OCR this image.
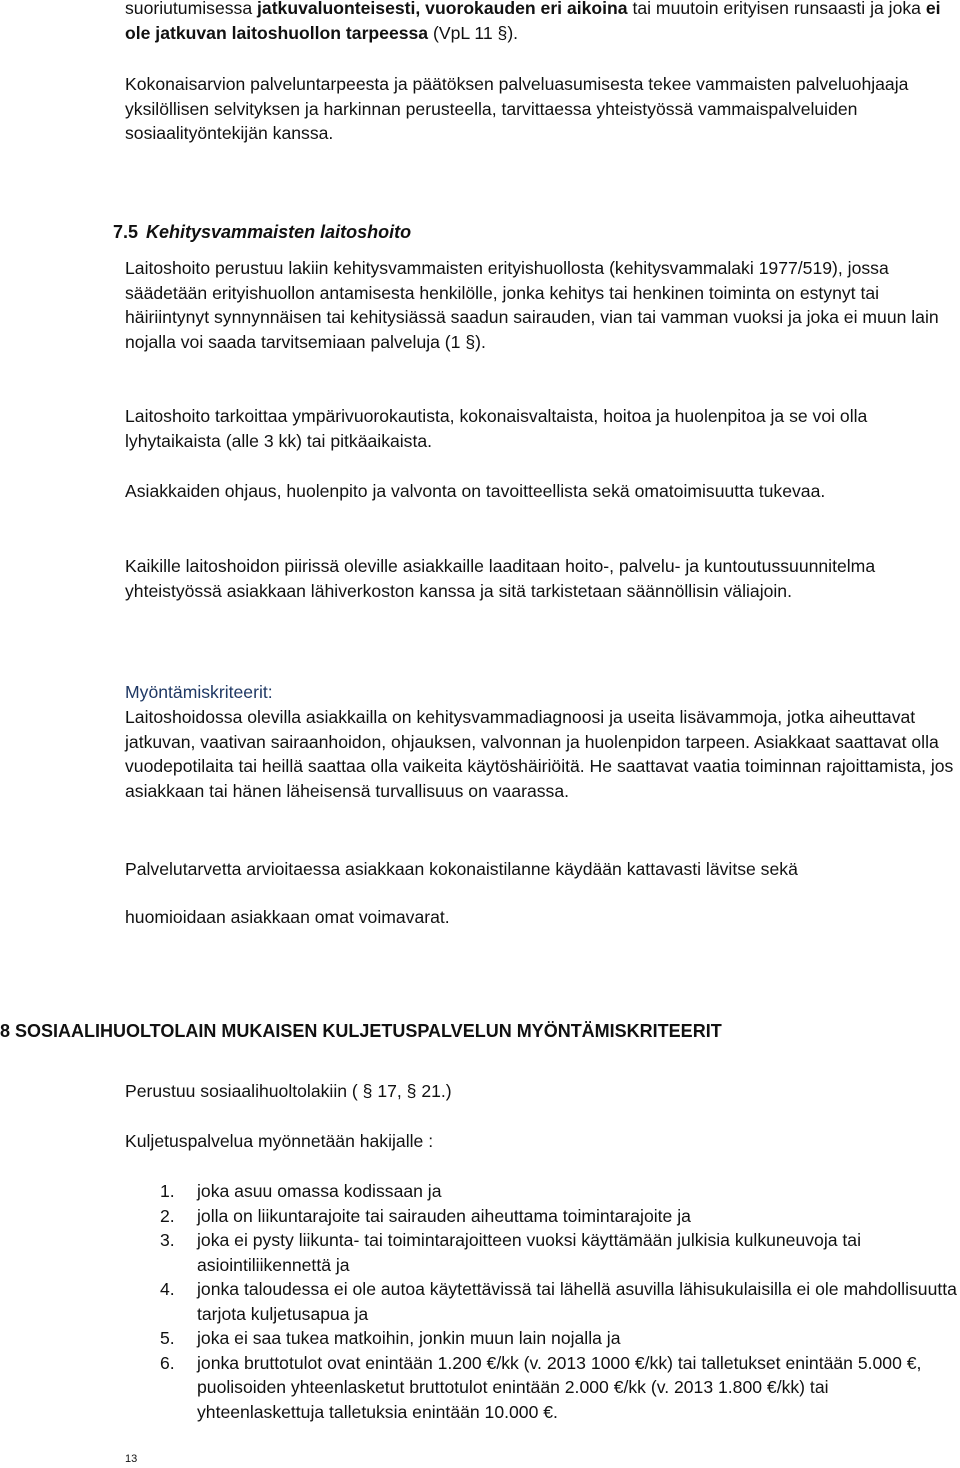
suoriutumisessa jatkuvaluonteisesti, vuorokauden eri aikoina tai muutoin erityisen runsaasti ja joka ei ole jatkuvan laitoshuollon tarpeessa (VpL 11 §).

Kokonaisarvion palveluntarpeesta ja päätöksen palveluasumisesta tekee vammaisten palveluohjaaja yksilöllisen selvityksen ja harkinnan perusteella, tarvittaessa yhteistyössä vammaispalveluiden sosiaalityöntekijän kanssa.

7.5 Kehitysvammaisten laitoshoito

Laitoshoito perustuu lakiin kehitysvammaisten erityishuollosta (kehitysvammalaki 1977/519), jossa säädetään erityishuollon antamisesta henkilölle, jonka kehitys tai henkinen toiminta on estynyt tai häiriintynyt synnynnäisen tai kehitysiässä saadun sairauden, vian tai vamman vuoksi ja joka ei muun lain nojalla voi saada tarvitsemiaan palveluja (1 §).

Laitoshoito tarkoittaa ympärivuorokautista, kokonaisvaltaista, hoitoa ja huolenpitoa ja se voi olla lyhytaikaista (alle 3 kk) tai pitkäaikaista.

Asiakkaiden ohjaus, huolenpito ja valvonta on tavoitteellista sekä omatoimisuutta tukevaa.

Kaikille laitoshoidon piirissä oleville asiakkaille laaditaan hoito-, palvelu- ja kuntoutussuunnitelma yhteistyössä asiakkaan lähiverkoston kanssa ja sitä tarkistetaan säännöllisin väliajoin.

Myöntämiskriteerit:

Laitoshoidossa olevilla asiakkailla on kehitysvammadiagnoosi ja useita lisävammoja, jotka aiheuttavat jatkuvan, vaativan sairaanhoidon, ohjauksen, valvonnan ja huolenpidon tarpeen. Asiakkaat saattavat olla vuodepotilaita tai heillä saattaa olla vaikeita käytöshäiriöitä. He saattavat vaatia toiminnan rajoittamista, jos asiakkaan tai hänen läheisensä turvallisuus on vaarassa.

Palvelutarvetta arvioitaessa asiakkaan kokonaistilanne käydään kattavasti lävitse sekä

huomioidaan asiakkaan omat voimavarat.

8 SOSIAALIHUOLTOLAIN MUKAISEN KULJETUSPALVELUN MYÖNTÄMISKRITEERIT

Perustuu sosiaalihuoltolakiin ( § 17, § 21.)

Kuljetuspalvelua myönnetään hakijalle :

1. joka asuu omassa kodissaan ja
2. jolla on liikuntarajoite tai sairauden aiheuttama toimintarajoite ja
3. joka ei pysty liikunta- tai toimintarajoitteen vuoksi käyttämään julkisia kulkuneuvoja tai asiointiliikennettä ja
4. jonka taloudessa ei ole autoa käytettävissä tai lähellä asuvilla lähisukulaisilla ei ole mahdollisuutta tarjota kuljetusapua ja
5. joka ei saa tukea matkoihin, jonkin muun lain nojalla ja
6. jonka bruttotulot ovat enintään 1.200 €/kk (v. 2013 1000 €/kk) tai talletukset enintään 5.000 €, puolisoiden yhteenlasketut bruttotulot enintään 2.000 €/kk (v. 2013 1.800 €/kk) tai yhteenlaskettuja talletuksia enintään 10.000 €.

13
